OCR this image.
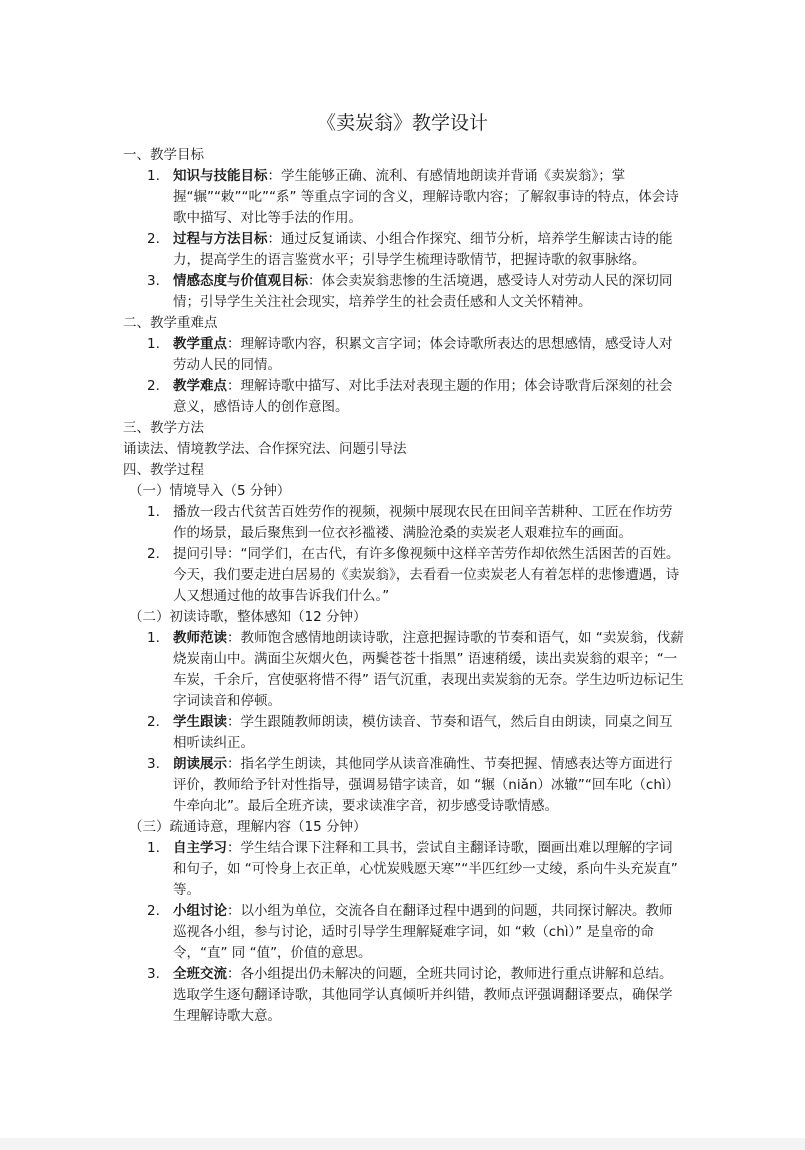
《卖炭翁》教学设计

一、教学目标

1. 知识与技能目标：学生能够正确、流利、有感情地朗读并背诵《卖炭翁》；掌握“辗”“敕”“叱”“系” 等重点字词的含义，理解诗歌内容；了解叙事诗的特点，体会诗歌中描写、对比等手法的作用。
2. 过程与方法目标：通过反复诵读、小组合作探究、细节分析，培养学生解读古诗的能力，提高学生的语言鉴赏水平；引导学生梳理诗歌情节，把握诗歌的叙事脉络。
3. 情感态度与价值观目标：体会卖炭翁悲惨的生活境遇，感受诗人对劳动人民的深切同情；引导学生关注社会现实，培养学生的社会责任感和人文关怀精神。

二、教学重难点

1. 教学重点：理解诗歌内容，积累文言字词；体会诗歌所表达的思想感情，感受诗人对劳动人民的同情。
2. 教学难点：理解诗歌中描写、对比手法对表现主题的作用；体会诗歌背后深刻的社会意义，感悟诗人的创作意图。

三、教学方法

诵读法、情境教学法、合作探究法、问题引导法

四、教学过程

（一）情境导入（5 分钟）

1. 播放一段古代贫苦百姓劳作的视频，视频中展现农民在田间辛苦耕种、工匠在作坊劳作的场景，最后聚焦到一位衣衫褴褛、满脸沧桑的卖炭老人艰难拉车的画面。
2. 提问引导：“同学们，在古代，有许多像视频中这样辛苦劳作却依然生活困苦的百姓。今天，我们要走进白居易的《卖炭翁》，去看看一位卖炭老人有着怎样的悲惨遭遇，诗人又想通过他的故事告诉我们什么。”

（二）初读诗歌，整体感知（12 分钟）

1. 教师范读：教师饱含感情地朗读诗歌，注意把握诗歌的节奏和语气，如 “卖炭翁，伐薪烧炭南山中。满面尘灰烟火色，两鬓苍苍十指黑” 语速稍缓，读出卖炭翁的艰辛；“一车炭，千余斤，宫使驱将惜不得” 语气沉重，表现出卖炭翁的无奈。学生边听边标记生字词读音和停顿。
2. 学生跟读：学生跟随教师朗读，模仿读音、节奏和语气，然后自由朗读，同桌之间互相听读纠正。
3. 朗读展示：指名学生朗读，其他同学从读音准确性、节奏把握、情感表达等方面进行评价，教师给予针对性指导，强调易错字读音，如 “辗（niǎn）冰辙”“回车叱（chì）牛牵向北”。最后全班齐读，要求读准字音，初步感受诗歌情感。

（三）疏通诗意，理解内容（15 分钟）

1. 自主学习：学生结合课下注释和工具书，尝试自主翻译诗歌，圈画出难以理解的字词和句子，如 “可怜身上衣正单，心忧炭贱愿天寒”“半匹红纱一丈绫，系向牛头充炭直” 等。
2. 小组讨论：以小组为单位，交流各自在翻译过程中遇到的问题，共同探讨解决。教师巡视各小组，参与讨论，适时引导学生理解疑难字词，如 “敕（chì）” 是皇帝的命令，“直” 同 “值”，价值的意思。
3. 全班交流：各小组提出仍未解决的问题，全班共同讨论，教师进行重点讲解和总结。选取学生逐句翻译诗歌，其他同学认真倾听并纠错，教师点评强调翻译要点，确保学生理解诗歌大意。
